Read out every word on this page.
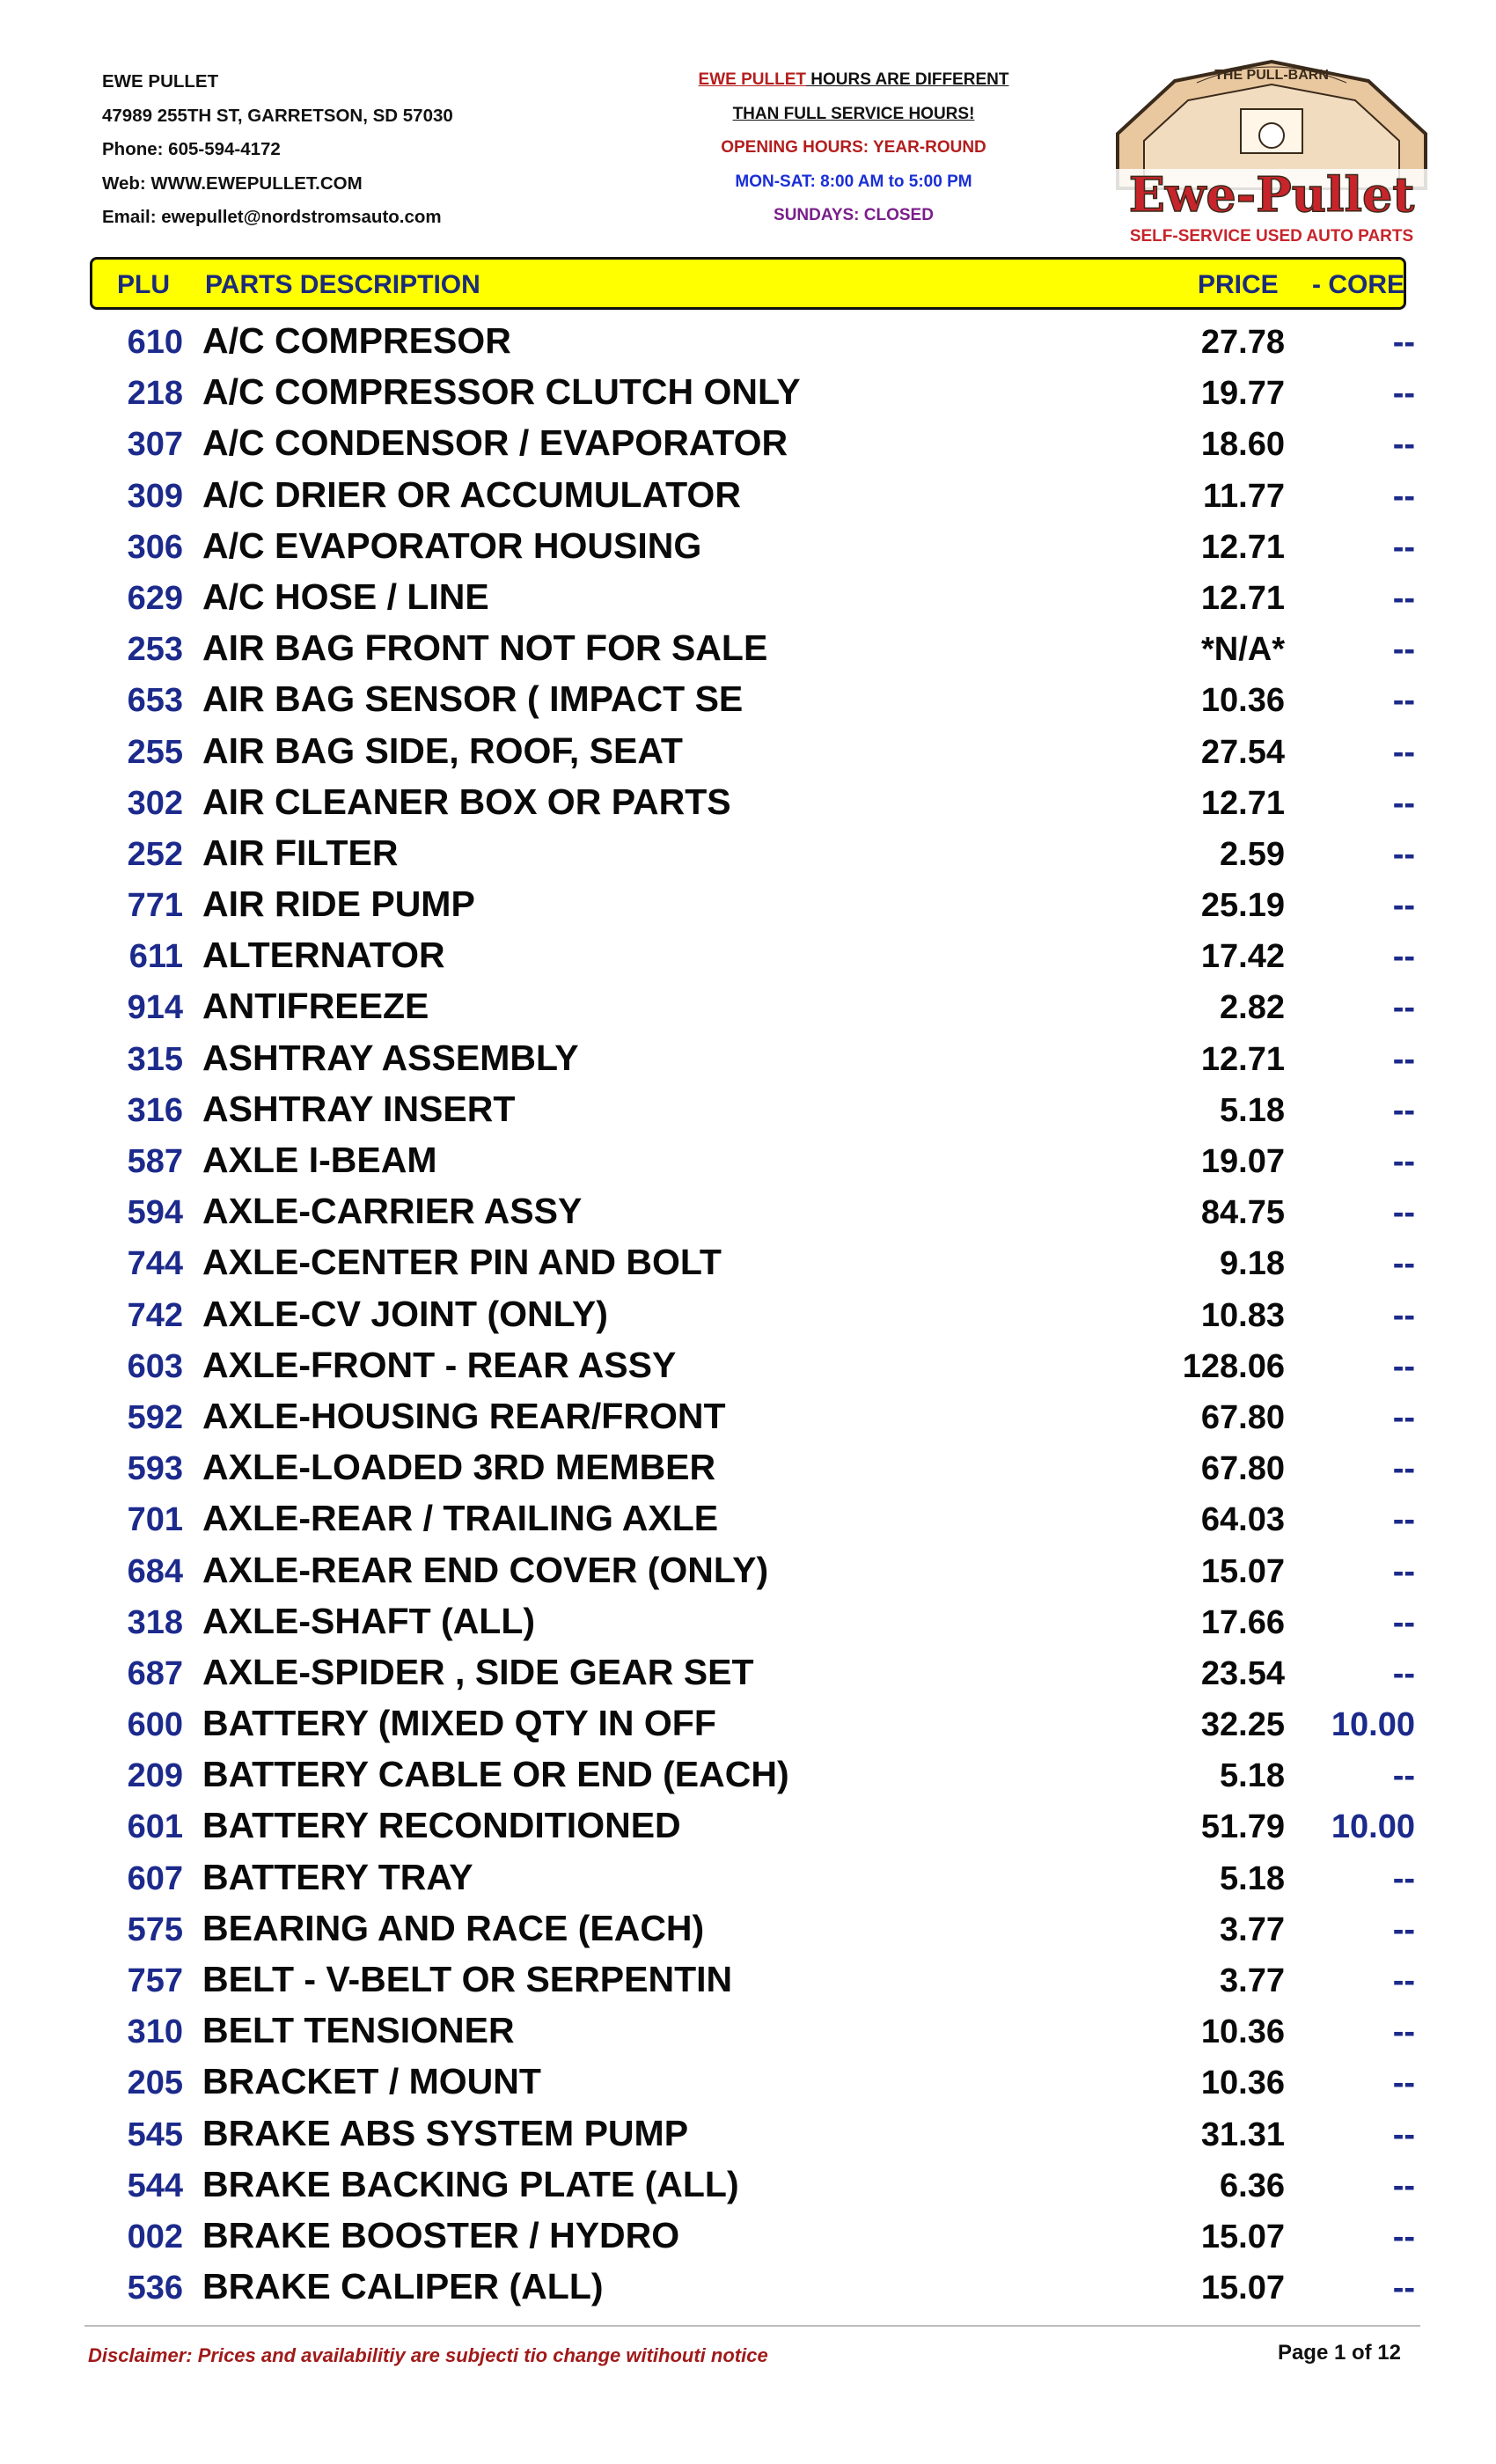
EWE PULLET
47989 255TH ST, GARRETSON, SD 57030
Phone: 605-594-4172
Web: WWW.EWEPULLET.COM
Email: ewepullet@nordstromsauto.com
EWE PULLET HOURS ARE DIFFERENT
THAN FULL SERVICE HOURS!
OPENING HOURS: YEAR-ROUND
MON-SAT: 8:00 AM to 5:00 PM
SUNDAYS: CLOSED
THE PULL-BARN
Ewe-Pullet
SELF-SERVICE USED AUTO PARTS
PLU PARTS DESCRIPTION	PRICE - CORE
610 A/C COMPRESOR	27.78	--
218 A/C COMPRESSOR CLUTCH ONLY	19.77	--
307 A/C CONDENSOR / EVAPORATOR	18.60	--
309 A/C DRIER OR ACCUMULATOR	11.77	--
306 A/C EVAPORATOR HOUSING	12.71	--
629 A/C HOSE / LINE	12.71	--
253 AIR BAG FRONT NOT FOR SALE	*N/A*	--
653 AIR BAG SENSOR ( IMPACT SE	10.36	--
255 AIR BAG SIDE, ROOF, SEAT	27.54	--
302 AIR CLEANER BOX OR PARTS	12.71	--
252 AIR FILTER	2.59	--
771 AIR RIDE PUMP	25.19	--
611 ALTERNATOR	17.42	--
914 ANTIFREEZE	2.82	--
315 ASHTRAY ASSEMBLY	12.71	--
316 ASHTRAY INSERT	5.18	--
587 AXLE I-BEAM	19.07	--
594 AXLE-CARRIER ASSY	84.75	--
744 AXLE-CENTER PIN AND BOLT	9.18	--
742 AXLE-CV JOINT (ONLY)	10.83	--
603 AXLE-FRONT - REAR ASSY	128.06	--
592 AXLE-HOUSING REAR/FRONT	67.80	--
593 AXLE-LOADED 3RD MEMBER	67.80	--
701 AXLE-REAR / TRAILING AXLE	64.03	--
684 AXLE-REAR END COVER (ONLY)	15.07	--
318 AXLE-SHAFT (ALL)	17.66	--
687 AXLE-SPIDER , SIDE GEAR SET	23.54	--
600 BATTERY (MIXED QTY IN OFF	32.25 10.00
209 BATTERY CABLE OR END (EACH)	5.18	--
601 BATTERY RECONDITIONED	51.79 10.00
607 BATTERY TRAY	5.18	--
575 BEARING AND RACE (EACH)	3.77	--
757 BELT - V-BELT OR SERPENTIN	3.77	--
310 BELT TENSIONER	10.36	--
205 BRACKET / MOUNT	10.36	--
545 BRAKE ABS SYSTEM PUMP	31.31	--
544 BRAKE BACKING PLATE (ALL)	6.36	--
002 BRAKE BOOSTER / HYDRO	15.07	--
536 BRAKE CALIPER (ALL)	15.07	--
Disclaimer: Prices and availabilitiy are subjecti tio change witihouti notice	Page 1 of 12
